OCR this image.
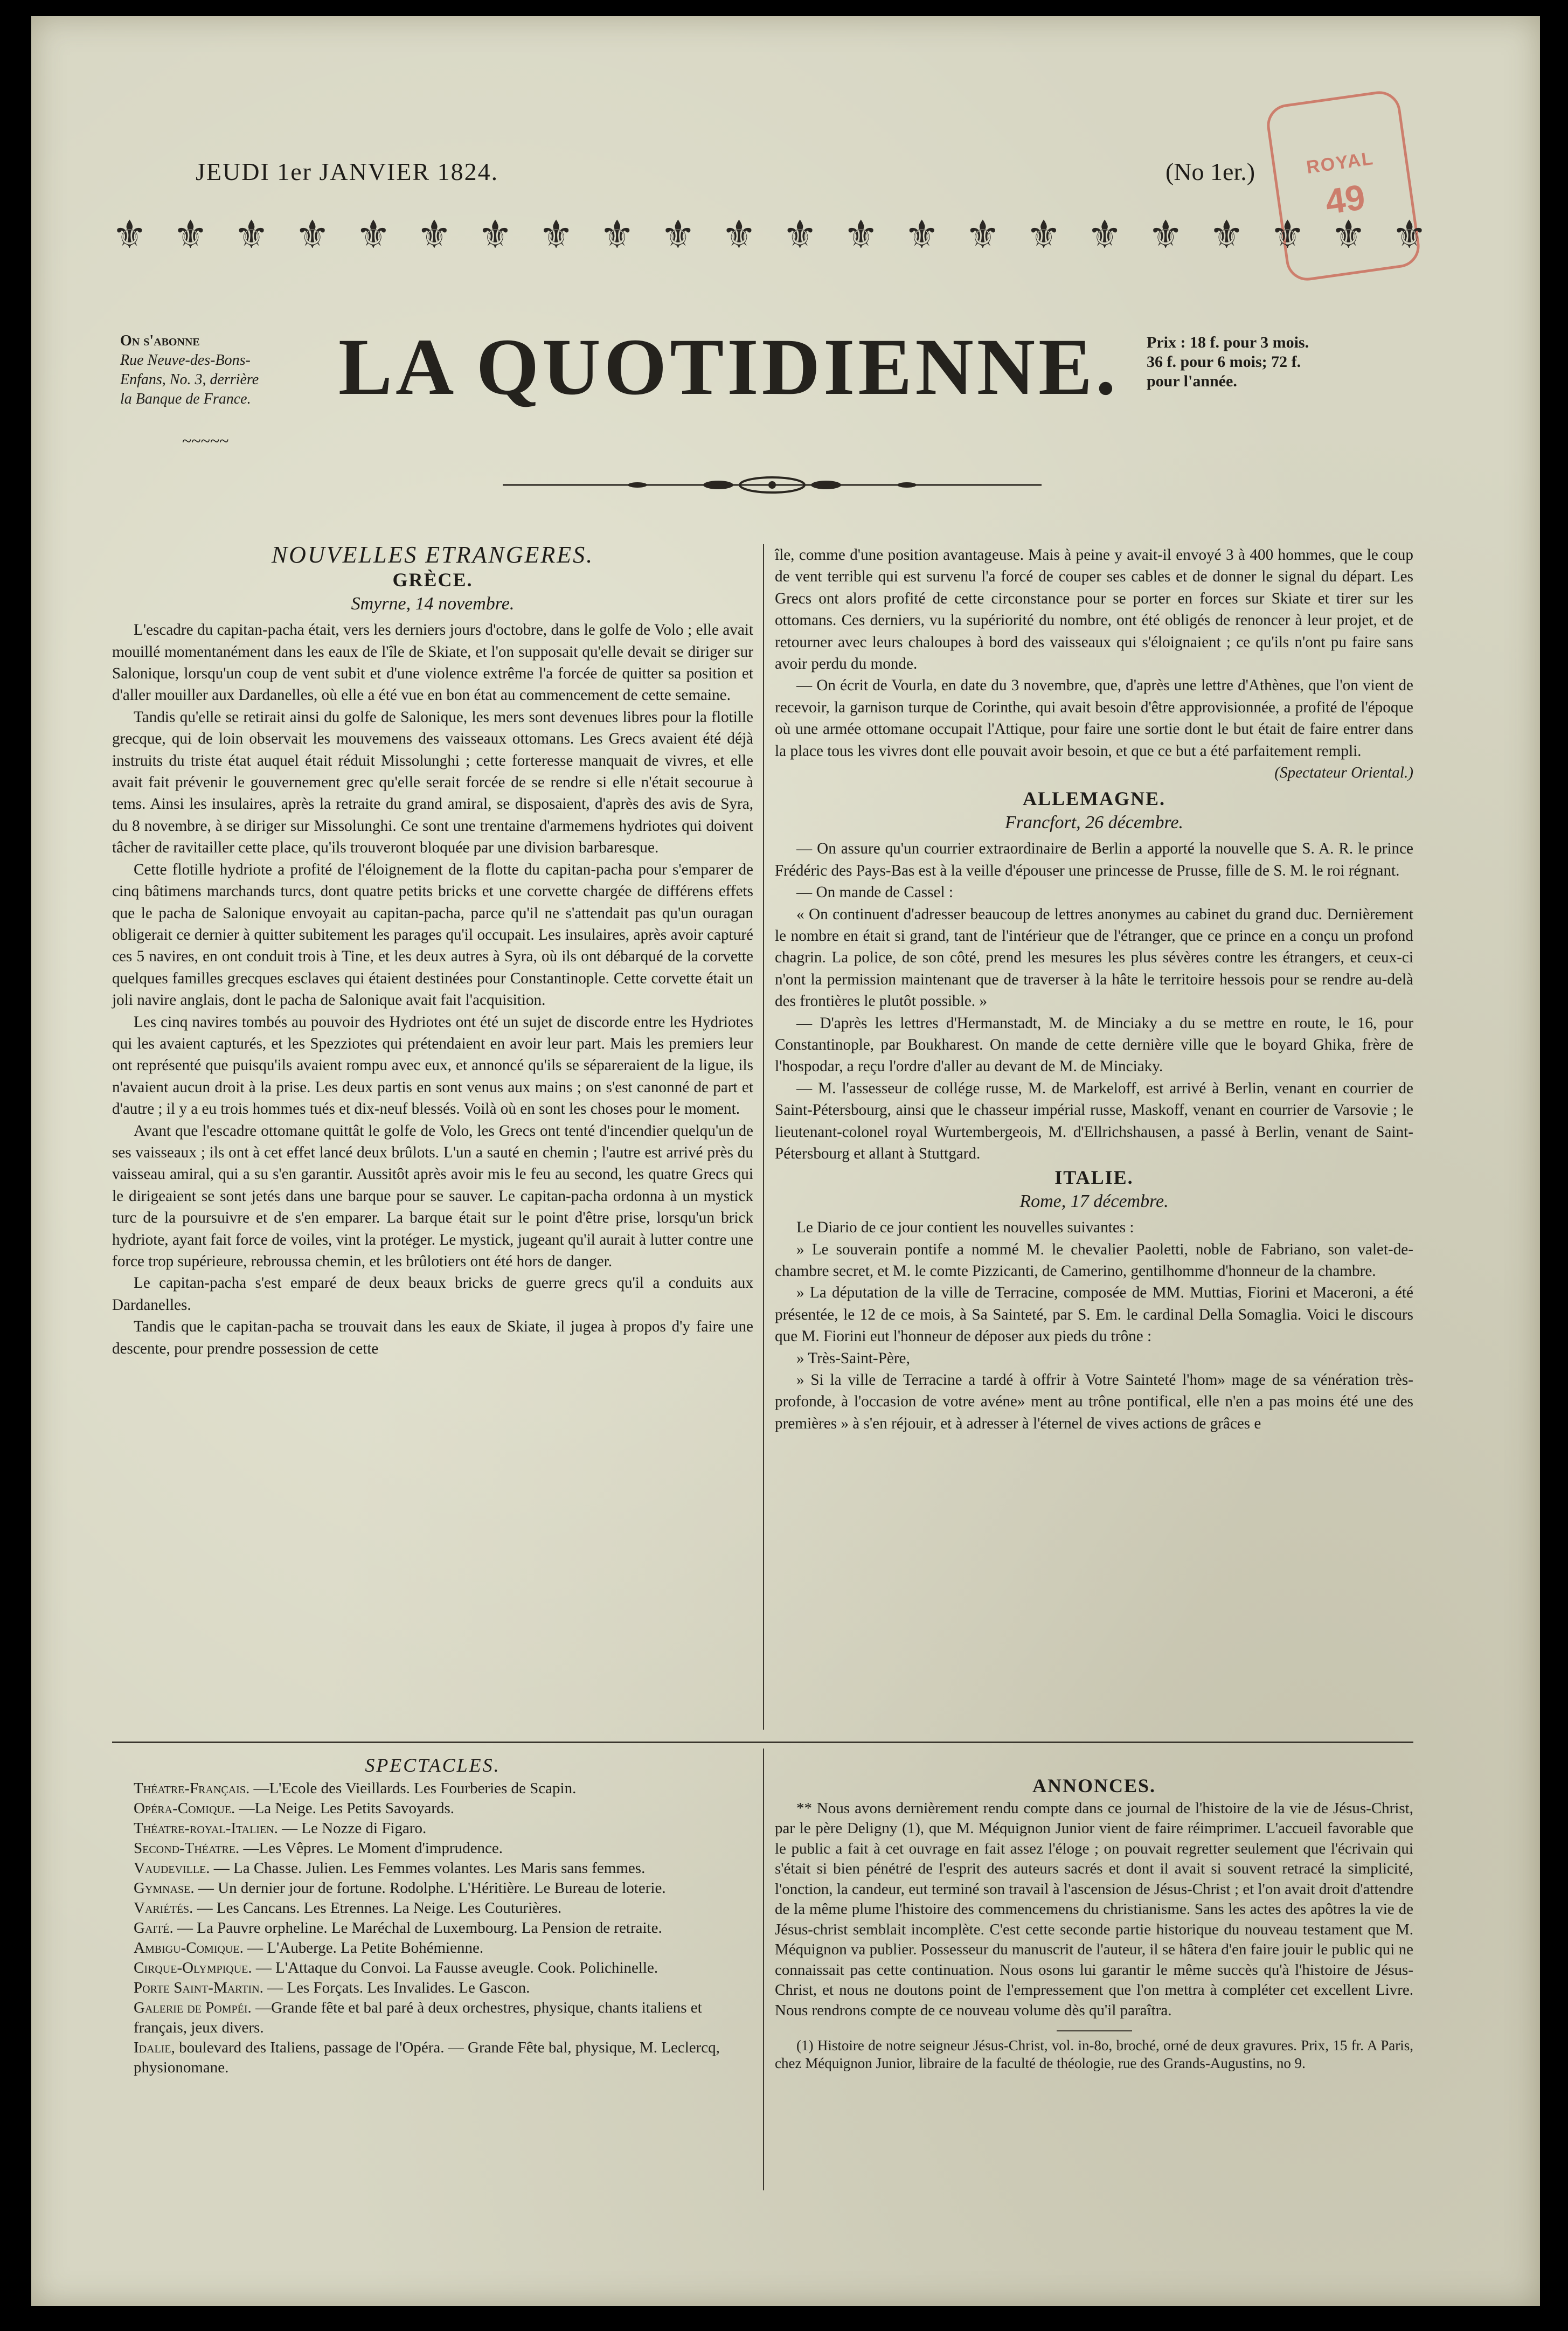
JEUDI 1er JANVIER 1824.	(No 1er.)	ROYAL
49
⚜ ⚜ ⚜ ⚜ ⚜ ⚜ ⚜ ⚜ ⚜ ⚜ ⚜ ⚜ ⚜ ⚜ ⚜ ⚜ ⚜ ⚜ ⚜ ⚜ ⚜ ⚜
On s'abonne
Rue Neuve-des-Bons-
Enfans, No. 3, derrière
la Banque de France.	LA QUOTIDIENNE. Prix : 18 f. pour 3 mois.
36 f. pour 6 mois; 72 f.
pour l'année.
~~~~~
NOUVELLES ETRANGERES.
GRÈCE.
Smyrne, 14 novembre.

L'escadre du capitan-pacha était, vers les derniers jours d'octobre, dans le golfe de Volo ; elle avait mouillé momentanément dans les eaux de l'île de Skiate, et l'on supposait qu'elle devait se diriger sur Salonique, lorsqu'un coup de vent subit et d'une violence extrême l'a forcée de quitter sa position et d'aller mouiller aux Dardanelles, où elle a été vue en bon état au commencement de cette semaine.

Tandis qu'elle se retirait ainsi du golfe de Salonique, les mers sont devenues libres pour la flotille grecque, qui de loin observait les mouvemens des vaisseaux ottomans. Les Grecs avaient été déjà instruits du triste état auquel était réduit Missolunghi ; cette forteresse manquait de vivres, et elle avait fait prévenir le gouvernement grec qu'elle serait forcée de se rendre si elle n'était secourue à tems. Ainsi les insulaires, après la retraite du grand amiral, se disposaient, d'après des avis de Syra, du 8 novembre, à se diriger sur Missolunghi. Ce sont une trentaine d'armemens hydriotes qui doivent tâcher de ravitailler cette place, qu'ils trouveront bloquée par une division barbaresque.

Cette flotille hydriote a profité de l'éloignement de la flotte du capitan-pacha pour s'emparer de cinq bâtimens marchands turcs, dont quatre petits bricks et une corvette chargée de différens effets que le pacha de Salonique envoyait au capitan-pacha, parce qu'il ne s'attendait pas qu'un ouragan obligerait ce dernier à quitter subitement les parages qu'il occupait. Les insulaires, après avoir capturé ces 5 navires, en ont conduit trois à Tine, et les deux autres à Syra, où ils ont débarqué de la corvette quelques familles grecques esclaves qui étaient destinées pour Constantinople. Cette corvette était un joli navire anglais, dont le pacha de Salonique avait fait l'acquisition.

Les cinq navires tombés au pouvoir des Hydriotes ont été un sujet de discorde entre les Hydriotes qui les avaient capturés, et les Spezziotes qui prétendaient en avoir leur part. Mais les premiers leur ont représenté que puisqu'ils avaient rompu avec eux, et annoncé qu'ils se sépareraient de la ligue, ils n'avaient aucun droit à la prise. Les deux partis en sont venus aux mains ; on s'est canonné de part et d'autre ; il y a eu trois hommes tués et dix-neuf blessés. Voilà où en sont les choses pour le moment.

Avant que l'escadre ottomane quittât le golfe de Volo, les Grecs ont tenté d'incendier quelqu'un de ses vaisseaux ; ils ont à cet effet lancé deux brûlots. L'un a sauté en chemin ; l'autre est arrivé près du vaisseau amiral, qui a su s'en garantir. Aussitôt après avoir mis le feu au second, les quatre Grecs qui le dirigeaient se sont jetés dans une barque pour se sauver. Le capitan-pacha ordonna à un mystick turc de la poursuivre et de s'en emparer. La barque était sur le point d'être prise, lorsqu'un brick hydriote, ayant fait force de voiles, vint la protéger. Le mystick, jugeant qu'il aurait à lutter contre une force trop supérieure, rebroussa chemin, et les brûlotiers ont été hors de danger.

Le capitan-pacha s'est emparé de deux beaux bricks de guerre grecs qu'il a conduits aux Dardanelles.

Tandis que le capitan-pacha se trouvait dans les eaux de Skiate, il jugea à propos d'y faire une descente, pour prendre possession de cette

île, comme d'une position avantageuse. Mais à peine y avait-il envoyé 3 à 400 hommes, que le coup de vent terrible qui est survenu l'a forcé de couper ses cables et de donner le signal du départ. Les Grecs ont alors profité de cette circonstance pour se porter en forces sur Skiate et tirer sur les ottomans. Ces derniers, vu la supériorité du nombre, ont été obligés de renoncer à leur projet, et de retourner avec leurs chaloupes à bord des vaisseaux qui s'éloignaient ; ce qu'ils n'ont pu faire sans avoir perdu du monde.

— On écrit de Vourla, en date du 3 novembre, que, d'après une lettre d'Athènes, que l'on vient de recevoir, la garnison turque de Corinthe, qui avait besoin d'être approvisionnée, a profité de l'époque où une armée ottomane occupait l'Attique, pour faire une sortie dont le but était de faire entrer dans la place tous les vivres dont elle pouvait avoir besoin, et que ce but a été parfaitement rempli.

(Spectateur Oriental.)
ALLEMAGNE.
Francfort, 26 décembre.

— On assure qu'un courrier extraordinaire de Berlin a apporté la nouvelle que S. A. R. le prince Frédéric des Pays-Bas est à la veille d'épouser une princesse de Prusse, fille de S. M. le roi régnant.

— On mande de Cassel :

« On continuent d'adresser beaucoup de lettres anonymes au cabinet du grand duc. Dernièrement le nombre en était si grand, tant de l'intérieur que de l'étranger, que ce prince en a conçu un profond chagrin. La police, de son côté, prend les mesures les plus sévères contre les étrangers, et ceux-ci n'ont la permission maintenant que de traverser à la hâte le territoire hessois pour se rendre au-delà des frontières le plutôt possible. »

— D'après les lettres d'Hermanstadt, M. de Minciaky a du se mettre en route, le 16, pour Constantinople, par Boukharest. On mande de cette dernière ville que le boyard Ghika, frère de l'hospodar, a reçu l'ordre d'aller au devant de M. de Minciaky.

— M. l'assesseur de collége russe, M. de Markeloff, est arrivé à Berlin, venant en courrier de Saint-Pétersbourg, ainsi que le chasseur impérial russe, Maskoff, venant en courrier de Varsovie ; le lieutenant-colonel royal Wurtembergeois, M. d'Ellrichshausen, a passé à Berlin, venant de Saint-Pétersbourg et allant à Stuttgard.

ITALIE.
Rome, 17 décembre.

Le Diario de ce jour contient les nouvelles suivantes :

» Le souverain pontife a nommé M. le chevalier Paoletti, noble de Fabriano, son valet-de-chambre secret, et M. le comte Pizzicanti, de Camerino, gentilhomme d'honneur de la chambre.

» La députation de la ville de Terracine, composée de MM. Muttias, Fiorini et Maceroni, a été présentée, le 12 de ce mois, à Sa Sainteté, par S. Em. le cardinal Della Somaglia. Voici le discours que M. Fiorini eut l'honneur de déposer aux pieds du trône :

» Très-Saint-Père,

» Si la ville de Terracine a tardé à offrir à Votre Sainteté l'hom» mage de sa vénération très-profonde, à l'occasion de votre avéne» ment au trône pontifical, elle n'en a pas moins été une des premières » à s'en réjouir, et à adresser à l'éternel de vives actions de grâces e

SPECTACLES.

Théatre-Français. —L'Ecole des Vieillards. Les Fourberies de Scapin.

Opéra-Comique. —La Neige. Les Petits Savoyards.

Théatre-royal-Italien. — Le Nozze di Figaro.

Second-Théatre. —Les Vêpres. Le Moment d'imprudence.

Vaudeville. — La Chasse. Julien. Les Femmes volantes. Les Maris sans femmes.

Gymnase. — Un dernier jour de fortune. Rodolphe. L'Héritière. Le Bureau de loterie.

Variétés. — Les Cancans. Les Etrennes. La Neige. Les Couturières.

Gaité. — La Pauvre orpheline. Le Maréchal de Luxembourg. La Pension de retraite.

Ambigu-Comique. — L'Auberge. La Petite Bohémienne.

Cirque-Olympique. — L'Attaque du Convoi. La Fausse aveugle. Cook. Polichinelle.

Porte Saint-Martin. — Les Forçats. Les Invalides. Le Gascon.

Galerie de Pompéi. —Grande fête et bal paré à deux orchestres, physique, chants italiens et français, jeux divers.

Idalie, boulevard des Italiens, passage de l'Opéra. — Grande Fête bal, physique, M. Leclercq, physionomane.

ANNONCES.

** Nous avons dernièrement rendu compte dans ce journal de l'histoire de la vie de Jésus-Christ, par le père Deligny (1), que M. Méquignon Junior vient de faire réimprimer. L'accueil favorable que le public a fait à cet ouvrage en fait assez l'éloge ; on pouvait regretter seulement que l'écrivain qui s'était si bien pénétré de l'esprit des auteurs sacrés et dont il avait si souvent retracé la simplicité, l'onction, la candeur, eut terminé son travail à l'ascension de Jésus-Christ ; et l'on avait droit d'attendre de la même plume l'histoire des commencemens du christianisme. Sans les actes des apôtres la vie de Jésus-christ semblait incomplète. C'est cette seconde partie historique du nouveau testament que M. Méquignon va publier. Possesseur du manuscrit de l'auteur, il se hâtera d'en faire jouir le public qui ne connaissait pas cette continuation. Nous osons lui garantir le même succès qu'à l'histoire de Jésus-Christ, et nous ne doutons point de l'empressement que l'on mettra à compléter cet excellent Livre. Nous rendrons compte de ce nouveau volume dès qu'il paraîtra.

(1) Histoire de notre seigneur Jésus-Christ, vol. in-8o, broché, orné de deux gravures. Prix, 15 fr. A Paris, chez Méquignon Junior, libraire de la faculté de théologie, rue des Grands-Augustins, no 9.
